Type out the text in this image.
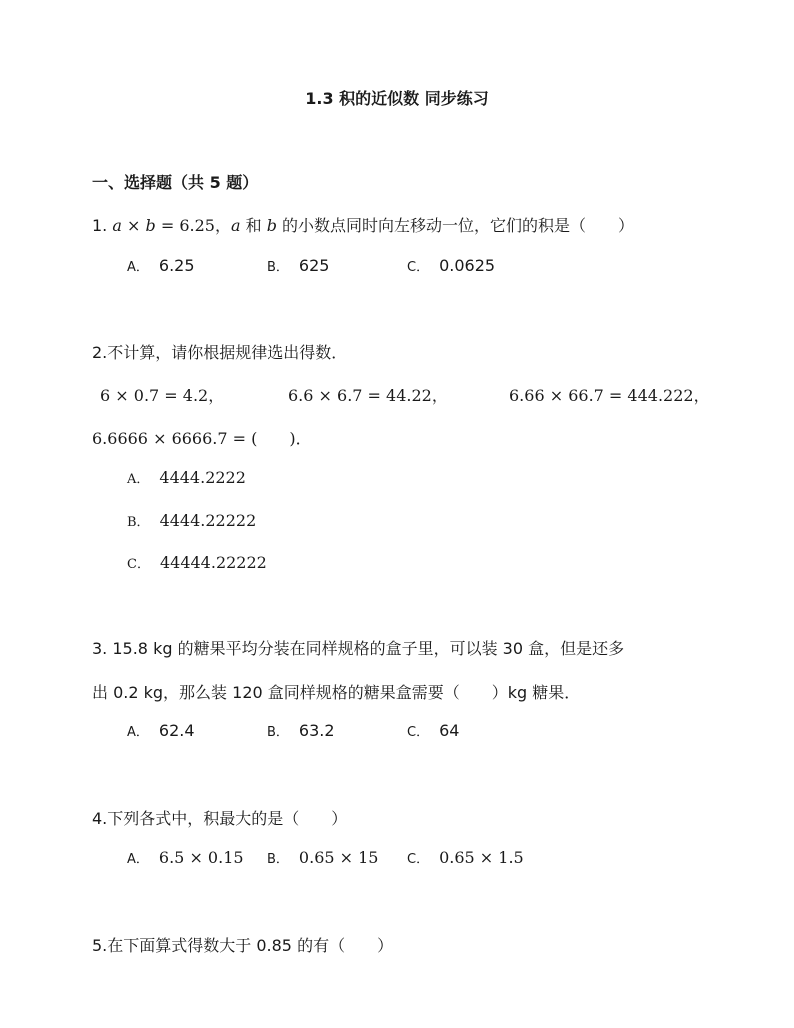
1.3 积的近似数 同步练习
一、选择题（共 5 题）
1. a × b = 6.25，a 和 b 的小数点同时向左移动一位，它们的积是（　　）
A． 6.25	B． 625	C． 0.0625
2.不计算，请你根据规律选出得数．
6 × 0.7 = 4.2，	6.6 × 6.7 = 44.22，	6.66 × 66.7 = 444.222，
6.6666 × 6666.7 = (　　)．
A． 4444.2222
B． 4444.22222
C． 44444.22222
3. 15.8 kg 的糖果平均分装在同样规格的盒子里，可以装 30 盒，但是还多
出 0.2 kg，那么装 120 盒同样规格的糖果盒需要（　　）kg 糖果．
A． 62.4	B． 63.2	C． 64
4.下列各式中，积最大的是（　　）
A． 6.5 × 0.15 B． 0.65 × 15 C． 0.65 × 1.5
5.在下面算式得数大于 0.85 的有（　　）
